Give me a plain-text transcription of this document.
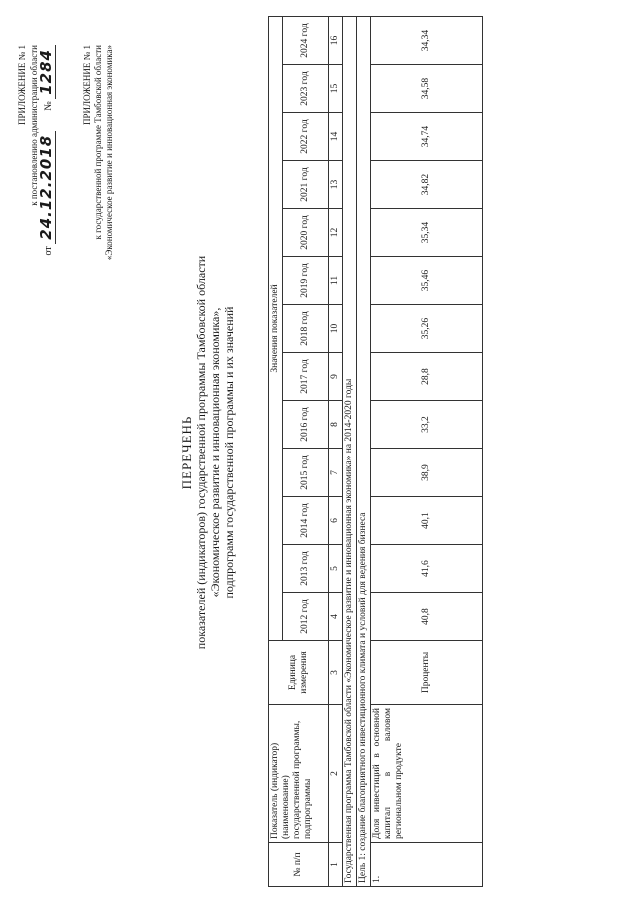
ПРИЛОЖЕНИЕ № 1 к постановлению администрации области
от 24.12.2018        № 1284	ПРИЛОЖЕНИЕ № 1 к государственной программе Тамбовской области «Экономическое развитие и инновационная экономика»
ПЕРЕЧЕНЬ показателей (индикаторов) государственной программы Тамбовской области «Экономическое развитие и инновационная экономика», подпрограмм государственной программы и их значений
№ п/п	Показатель (индикатор) (наименование) государственной программы, подпрограммы	Единица измерения	Значения показателей												
			2012 год	2013 год	2014 год	2015 год	2016 год	2017 год	2018 год	2019 год	2020 год	2021 год	2022 год	2023 год	2024 год
1	2	3	4	5	6	7	8	9	10	11	12	13	14	15	16
Государственная программа Тамбовской области «Экономическое развитие и инновационная экономика» на 2014-2020 годы															
Цель 1: создание благоприятного инвестиционного климата и условий для ведения бизнеса															
1.	Доля инвестиций в основной капитал в валовом региональном продукте	Проценты	40,8	41,6	40,1	38,9	33,2	28,8	35,26	35,46	35,34	34,82	34,74	34,58	34,34
